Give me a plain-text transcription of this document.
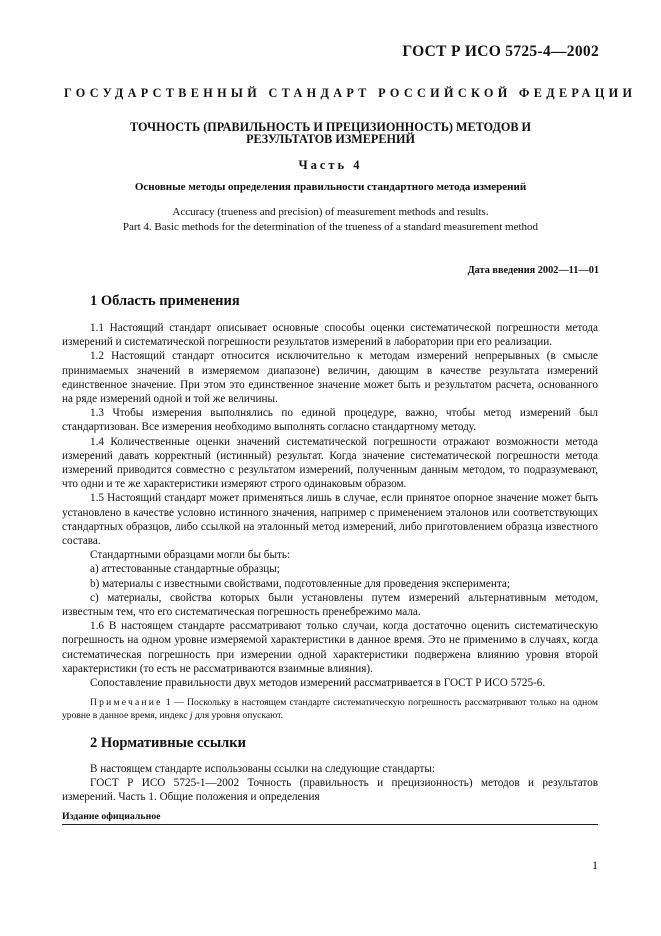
ГОСТ Р ИСО 5725-4—2002
ГОСУДАРСТВЕННЫЙ СТАНДАРТ РОССИЙСКОЙ ФЕДЕРАЦИИ
ТОЧНОСТЬ (ПРАВИЛЬНОСТЬ И ПРЕЦИЗИОННОСТЬ) МЕТОДОВ И РЕЗУЛЬТАТОВ ИЗМЕРЕНИЙ
Часть 4
Основные методы определения правильности стандартного метода измерений
Accuracy (trueness and precision) of measurement methods and results.
Part 4. Basic methods for the determination of the trueness of a standard measurement method
Дата введения 2002—11—01
1 Область применения

1.1 Настоящий стандарт описывает основные способы оценки систематической погрешности метода измерений и систематической погрешности результатов измерений в лаборатории при его реализации.

1.2 Настоящий стандарт относится исключительно к методам измерений непрерывных (в смысле принимаемых значений в измеряемом диапазоне) величин, дающим в качестве результата измерений единственное значение. При этом это единственное значение может быть и результатом расчета, основанного на ряде измерений одной и той же величины.

1.3 Чтобы измерения выполнялись по единой процедуре, важно, чтобы метод измерений был стандартизован. Все измерения необходимо выполнять согласно стандартному методу.

1.4 Количественные оценки значений систематической погрешности отражают возможности метода измерений давать корректный (истинный) результат. Когда значение систематической погрешности метода измерений приводится совместно с результатом измерений, полученным данным методом, то подразумевают, что одни и те же характеристики измеряют строго одинаковым образом.

1.5 Настоящий стандарт может применяться лишь в случае, если принятое опорное значение может быть установлено в качестве условно истинного значения, например с применением эталонов или соответствующих стандартных образцов, либо ссылкой на эталонный метод измерений, либо приготовлением образца известного состава.

Стандартными образцами могли бы быть:

а) аттестованные стандартные образцы;

b) материалы с известными свойствами, подготовленные для проведения эксперимента;

с) материалы, свойства которых были установлены путем измерений альтернативным методом, известным тем, что его систематическая погрешность пренебрежимо мала.

1.6 В настоящем стандарте рассматривают только случаи, когда достаточно оценить систематическую погрешность на одном уровне измеряемой характеристики в данное время. Это не применимо в случаях, когда систематическая погрешность при измерении одной характеристики подвержена влиянию уровня второй характеристики (то есть не рассматриваются взаимные влияния).

Сопоставление правильности двух методов измерений рассматривается в ГОСТ Р ИСО 5725-6.

Примечание 1 — Поскольку в настоящем стандарте систематическую погрешность рассматривают только на одном уровне в данное время, индекс j для уровня опускают.

2 Нормативные ссылки

В настоящем стандарте использованы ссылки на следующие стандарты:

ГОСТ Р ИСО 5725-1—2002 Точность (правильность и прецизионность) методов и результатов измерений. Часть 1. Общие положения и определения

Издание официальное
1
